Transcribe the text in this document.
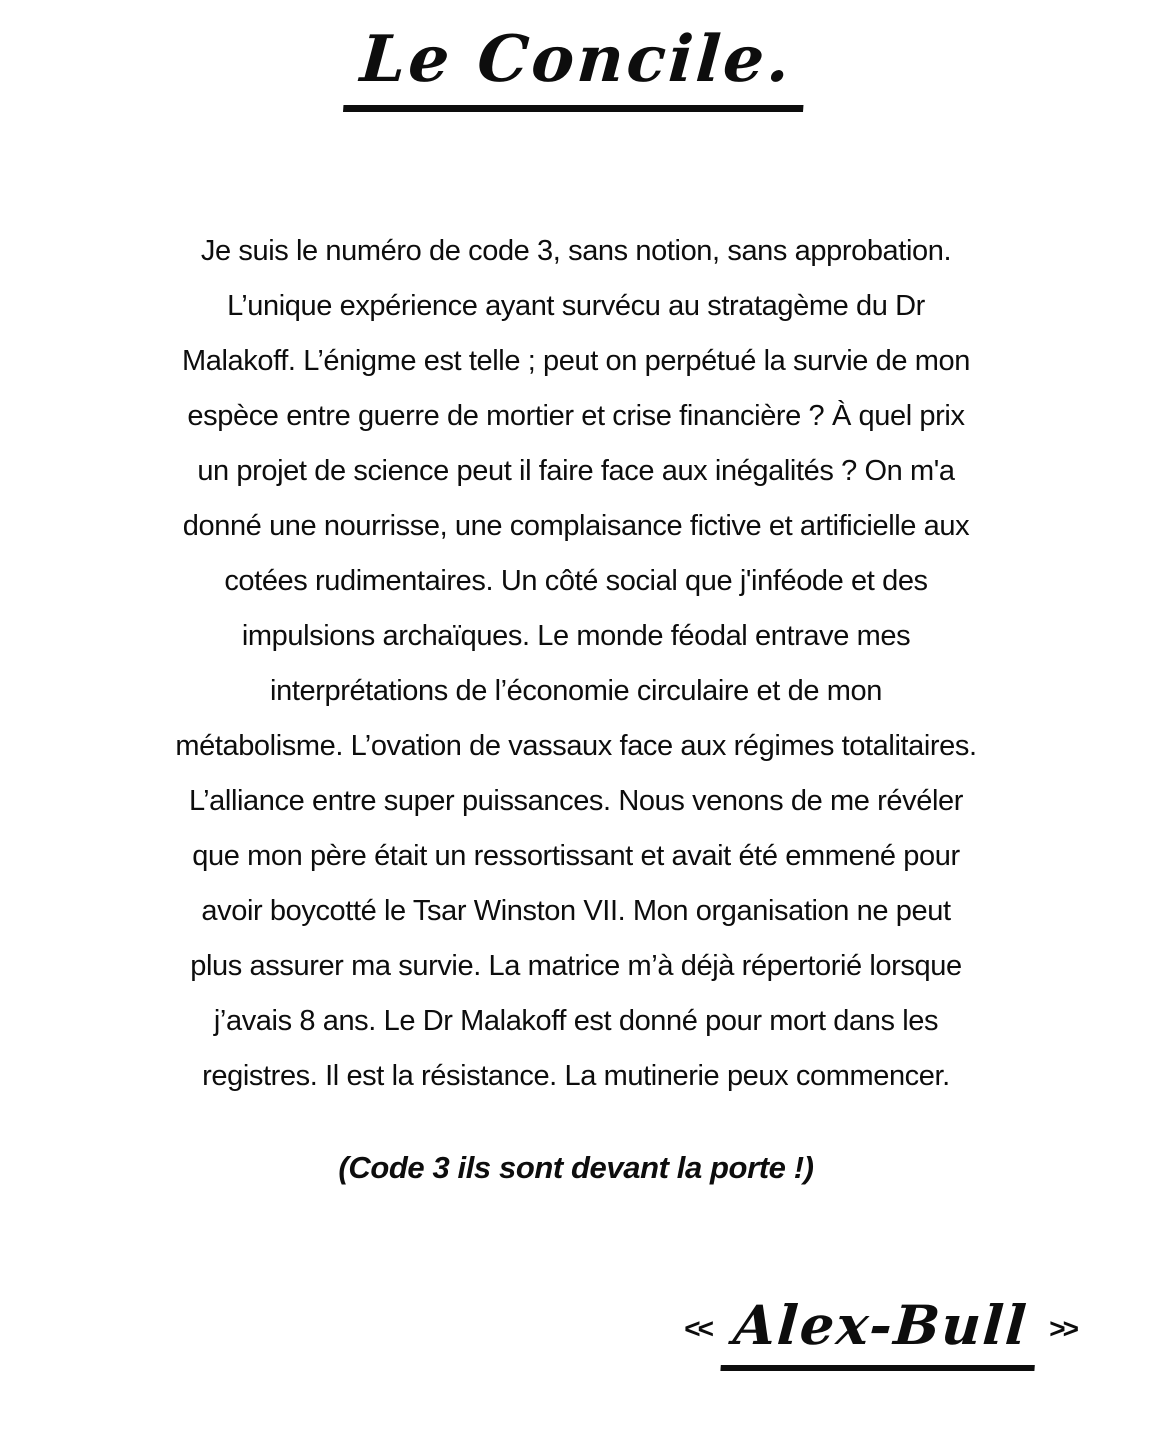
Le Concile.

Je suis le numéro de code 3, sans notion, sans approbation.

L’unique expérience ayant survécu au stratagème du Dr

Malakoff. L’énigme est telle ; peut on perpétué la survie de mon

espèce entre guerre de mortier et crise financière ? À quel prix

un projet de science peut il faire face aux inégalités ? On m'a

donné une nourrisse, une complaisance fictive et artificielle aux

cotées rudimentaires. Un côté social que j'inféode et des

impulsions archaïques. Le monde féodal entrave mes

interprétations de l’économie circulaire et de mon

métabolisme. L’ovation de vassaux face aux régimes totalitaires.

L’alliance entre super puissances. Nous venons de me révéler

que mon père était un ressortissant et avait été emmené pour

avoir boycotté le Tsar Winston VII. Mon organisation ne peut

plus assurer ma survie. La matrice m’à déjà répertorié lorsque

j’avais 8 ans. Le Dr Malakoff est donné pour mort dans les

registres. Il est la résistance. La mutinerie peux commencer.

(Code 3 ils sont devant la porte !)

<< Alex-Bull >>
